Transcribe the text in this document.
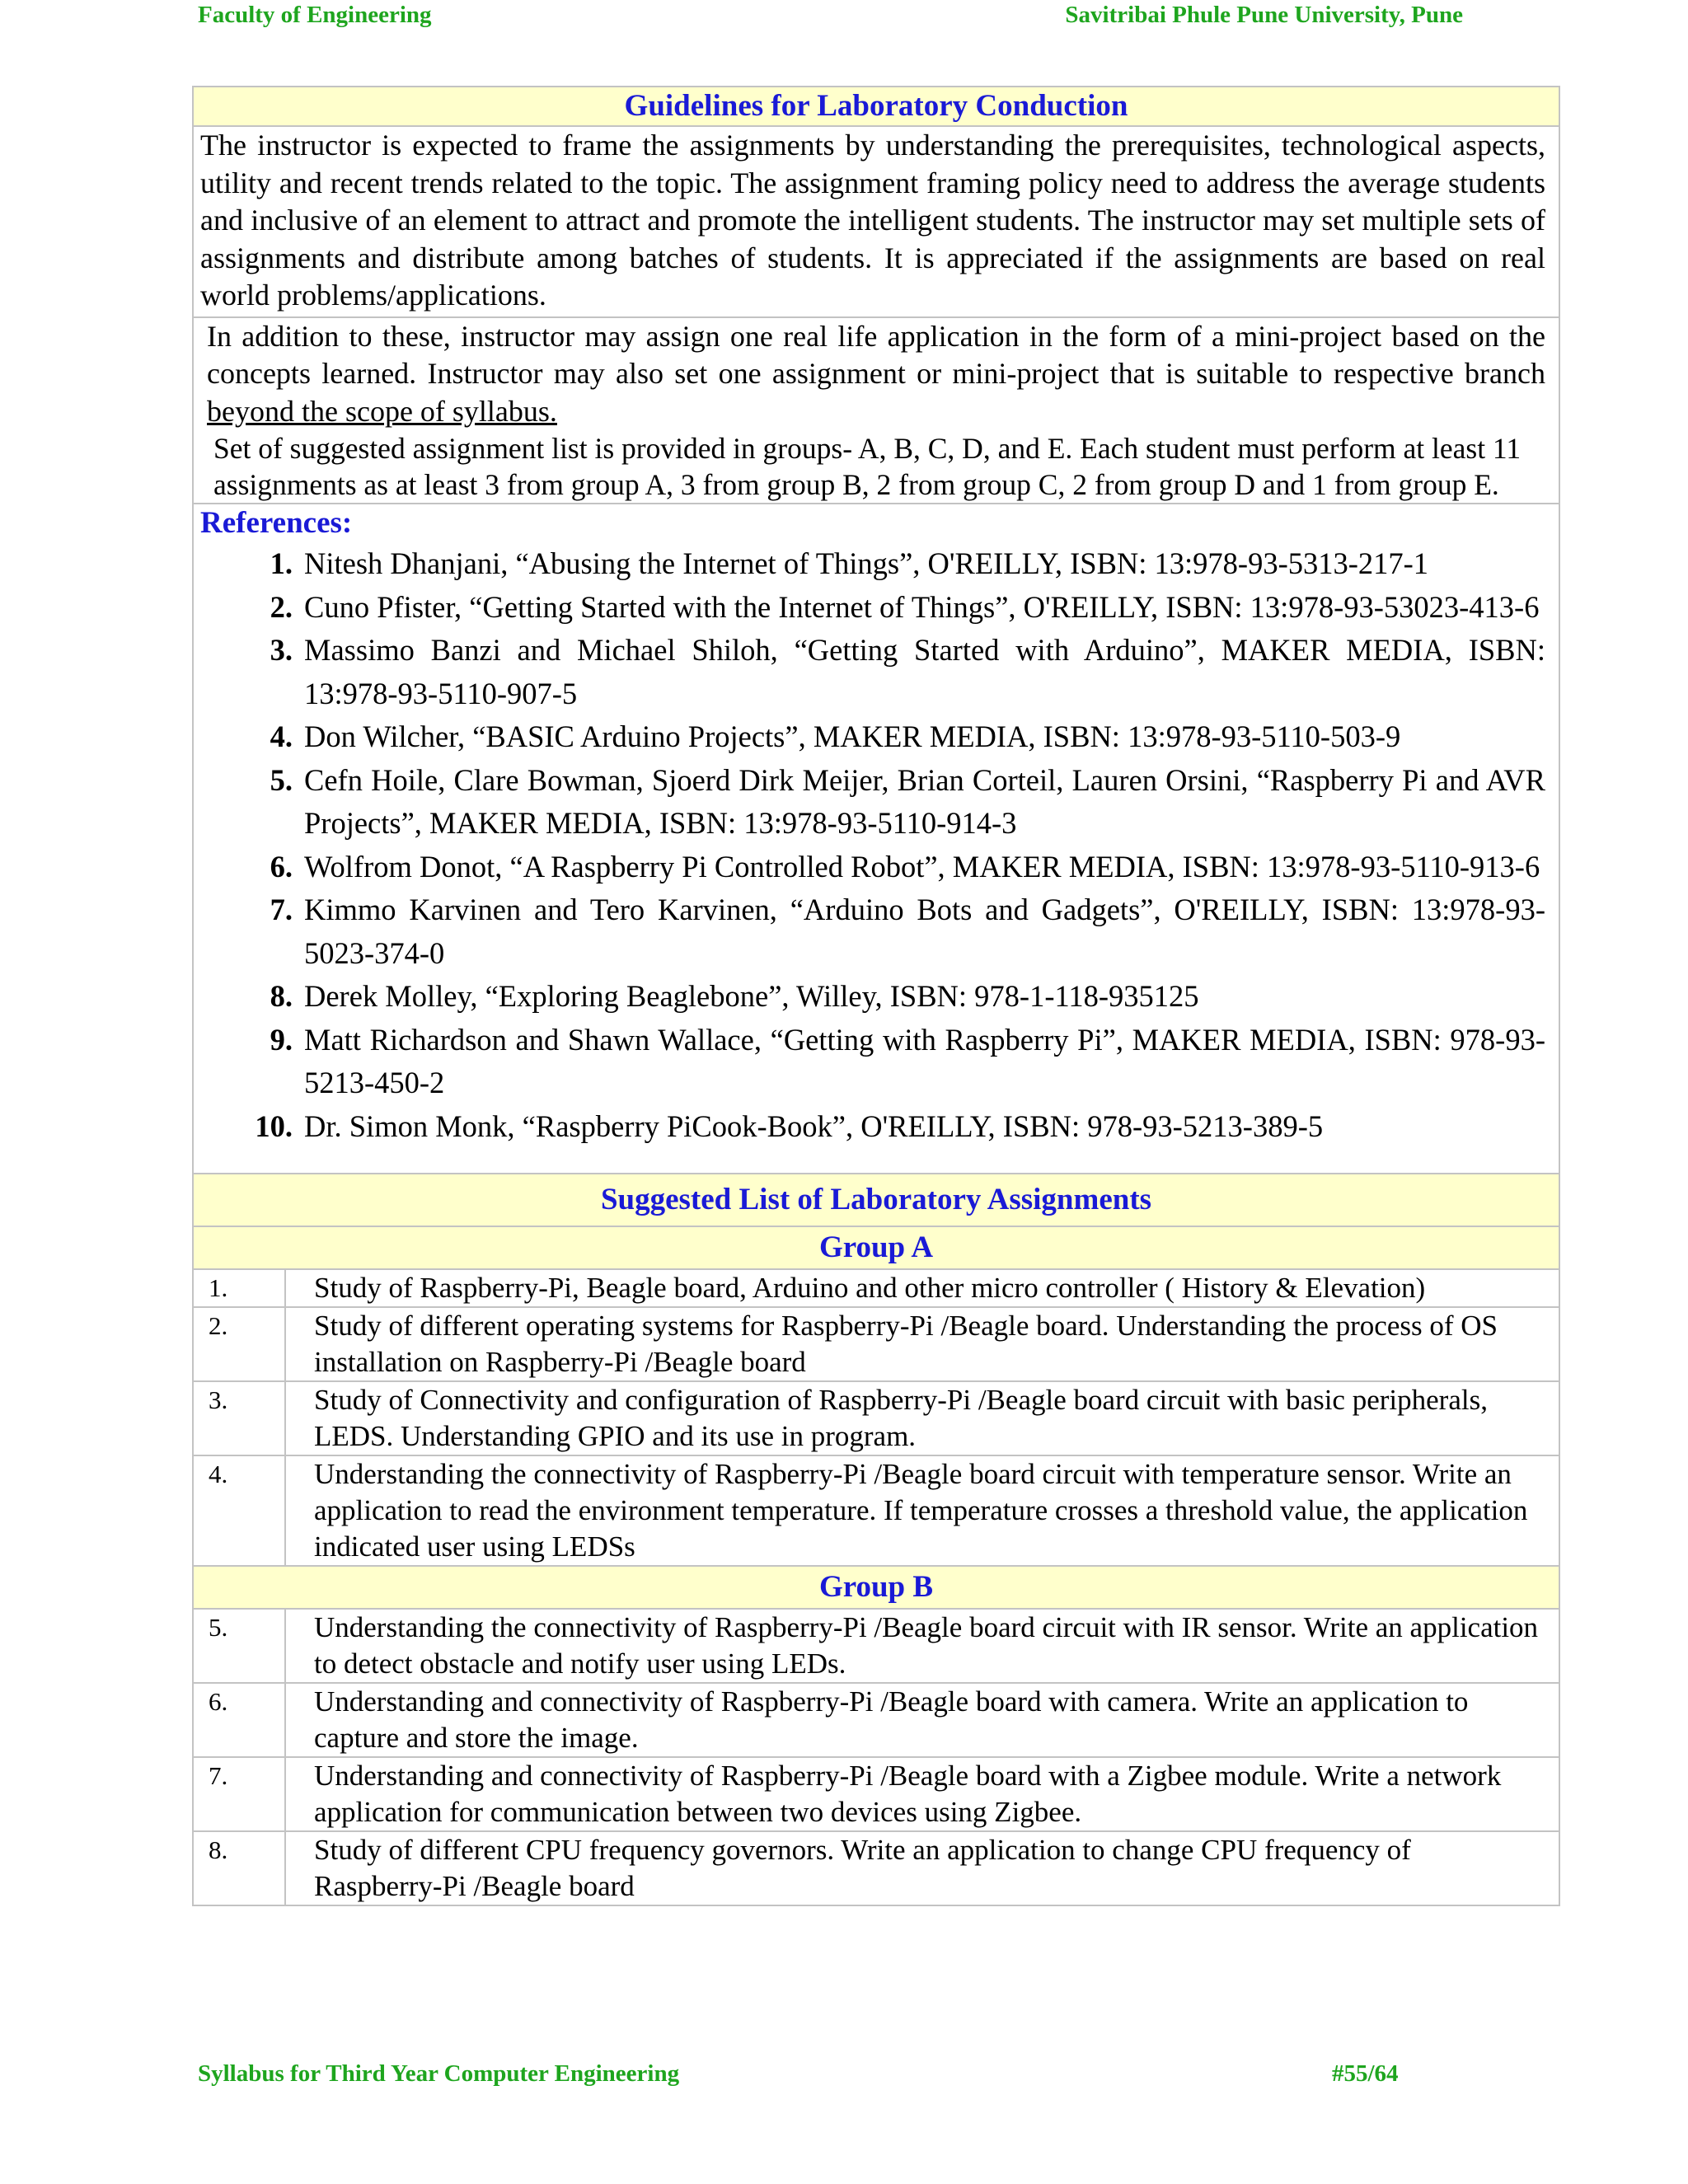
Faculty of Engineering	Savitribai Phule Pune University, Pune
Guidelines for Laboratory Conduction
The instructor is expected to frame the assignments by understanding the prerequisites, technological aspects, utility and recent trends related to the topic. The assignment framing policy need to address the average students and inclusive of an element to attract and promote the intelligent students. The instructor may set multiple sets of assignments and distribute among batches of students. It is appreciated if the assignments are based on real world problems/applications.
In addition to these, instructor may assign one real life application in the form of a mini-project based on the concepts learned. Instructor may also set one assignment or mini-project that is suitable to respective branch beyond the scope of syllabus.
Set of suggested assignment list is provided in groups- A, B, C, D, and E. Each student must perform at least 11 assignments as at least 3 from group A, 3 from group B, 2 from group C, 2 from group D and 1 from group E.
References:
1. Nitesh Dhanjani, “Abusing the Internet of Things”, O'REILLY, ISBN: 13:978-93-5313-217-1
2. Cuno Pfister, “Getting Started with the Internet of Things”, O'REILLY, ISBN: 13:978-93-53023-413-6
3. Massimo Banzi and Michael Shiloh, “Getting Started with Arduino”, MAKER MEDIA, ISBN: 13:978-93-5110-907-5
4. Don Wilcher, “BASIC Arduino Projects”, MAKER MEDIA, ISBN: 13:978-93-5110-503-9
5. Cefn Hoile, Clare Bowman, Sjoerd Dirk Meijer, Brian Corteil, Lauren Orsini, “Raspberry Pi and AVR Projects”, MAKER MEDIA, ISBN: 13:978-93-5110-914-3
6. Wolfrom Donot, “A Raspberry Pi Controlled Robot”, MAKER MEDIA, ISBN: 13:978-93-5110-913-6
7. Kimmo Karvinen and Tero Karvinen, “Arduino Bots and Gadgets”, O'REILLY, ISBN: 13:978-93-5023-374-0
8. Derek Molley, “Exploring Beaglebone”, Willey, ISBN: 978-1-118-935125
9. Matt Richardson and Shawn Wallace, “Getting with Raspberry Pi”, MAKER MEDIA, ISBN: 978-93-5213-450-2
10. Dr. Simon Monk, “Raspberry PiCook-Book”, O'REILLY, ISBN: 978-93-5213-389-5
Suggested List of Laboratory Assignments
Group A
1.	Study of Raspberry-Pi, Beagle board, Arduino and other micro controller ( History & Elevation)
2.	Study of different operating systems for Raspberry-Pi /Beagle board. Understanding the process of OS installation on Raspberry-Pi /Beagle board
3.	Study of Connectivity and configuration of Raspberry-Pi /Beagle board circuit with basic peripherals, LEDS. Understanding GPIO and its use in program.
4.	Understanding the connectivity of Raspberry-Pi /Beagle board circuit with temperature sensor. Write an application to read the environment temperature. If temperature crosses a threshold value, the application indicated user using LEDSs
Group B
5.	Understanding the connectivity of Raspberry-Pi /Beagle board circuit with IR sensor. Write an application to detect obstacle and notify user using LEDs.
6.	Understanding and connectivity of Raspberry-Pi /Beagle board with camera. Write an application to capture and store the image.
7.	Understanding and connectivity of Raspberry-Pi /Beagle board with a Zigbee module. Write a network application for communication between two devices using Zigbee.
8.	Study of different CPU frequency governors. Write an application to change CPU frequency of Raspberry-Pi /Beagle board
Syllabus for Third Year Computer Engineering	#55/64
